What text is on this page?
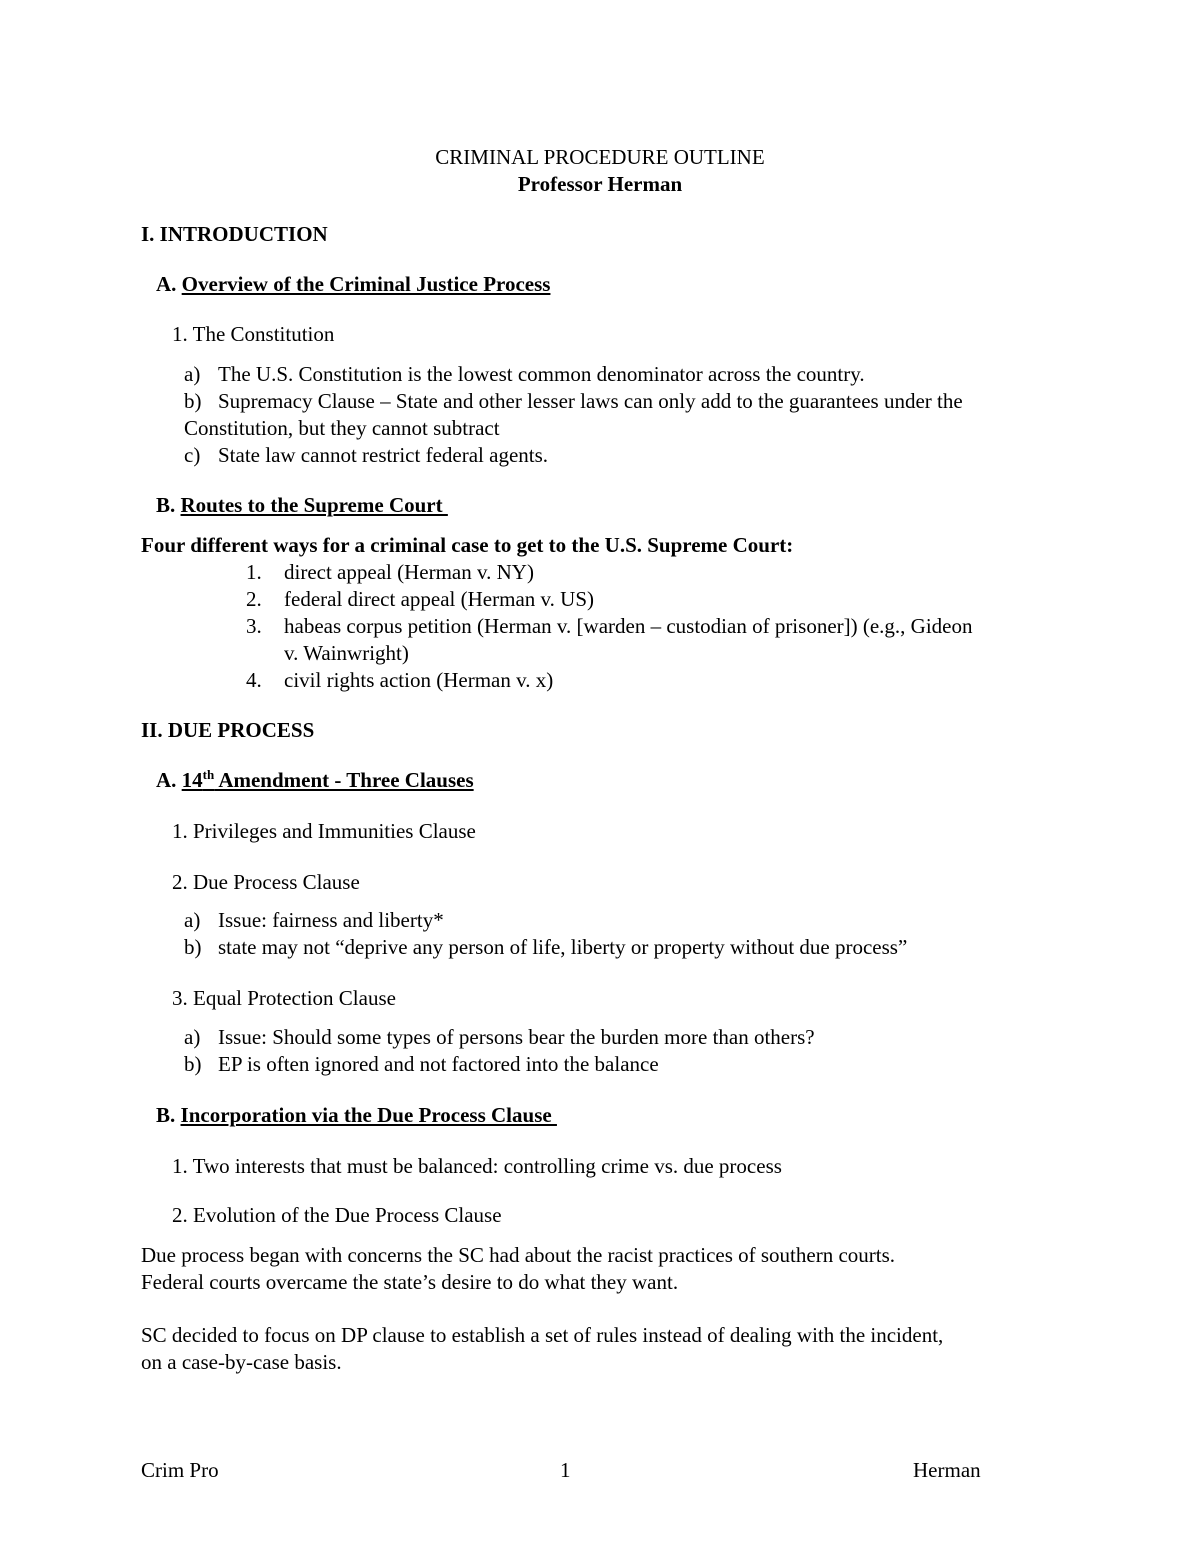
CRIMINAL PROCEDURE OUTLINE
Professor Herman
I. INTRODUCTION
A. Overview of the Criminal Justice Process
1. The Constitution
a) The U.S. Constitution is the lowest common denominator across the country.
b) Supremacy Clause – State and other lesser laws can only add to the guarantees under the
Constitution, but they cannot subtract
c) State law cannot restrict federal agents.
B. Routes to the Supreme Court
Four different ways for a criminal case to get to the U.S. Supreme Court:
1. direct appeal (Herman v. NY)
2. federal direct appeal (Herman v. US)
3. habeas corpus petition (Herman v. [warden – custodian of prisoner]) (e.g., Gideon
v. Wainwright)
4. civil rights action (Herman v. x)
II. DUE PROCESS
A. 14th Amendment - Three Clauses
1. Privileges and Immunities Clause
2. Due Process Clause
a) Issue: fairness and liberty*
b) state may not “deprive any person of life, liberty or property without due process”
3. Equal Protection Clause
a) Issue: Should some types of persons bear the burden more than others?
b) EP is often ignored and not factored into the balance
B. Incorporation via the Due Process Clause
1. Two interests that must be balanced: controlling crime vs. due process
2. Evolution of the Due Process Clause
Due process began with concerns the SC had about the racist practices of southern courts.
Federal courts overcame the state’s desire to do what they want.
SC decided to focus on DP clause to establish a set of rules instead of dealing with the incident,
on a case-by-case basis.
Crim Pro	1	Herman
